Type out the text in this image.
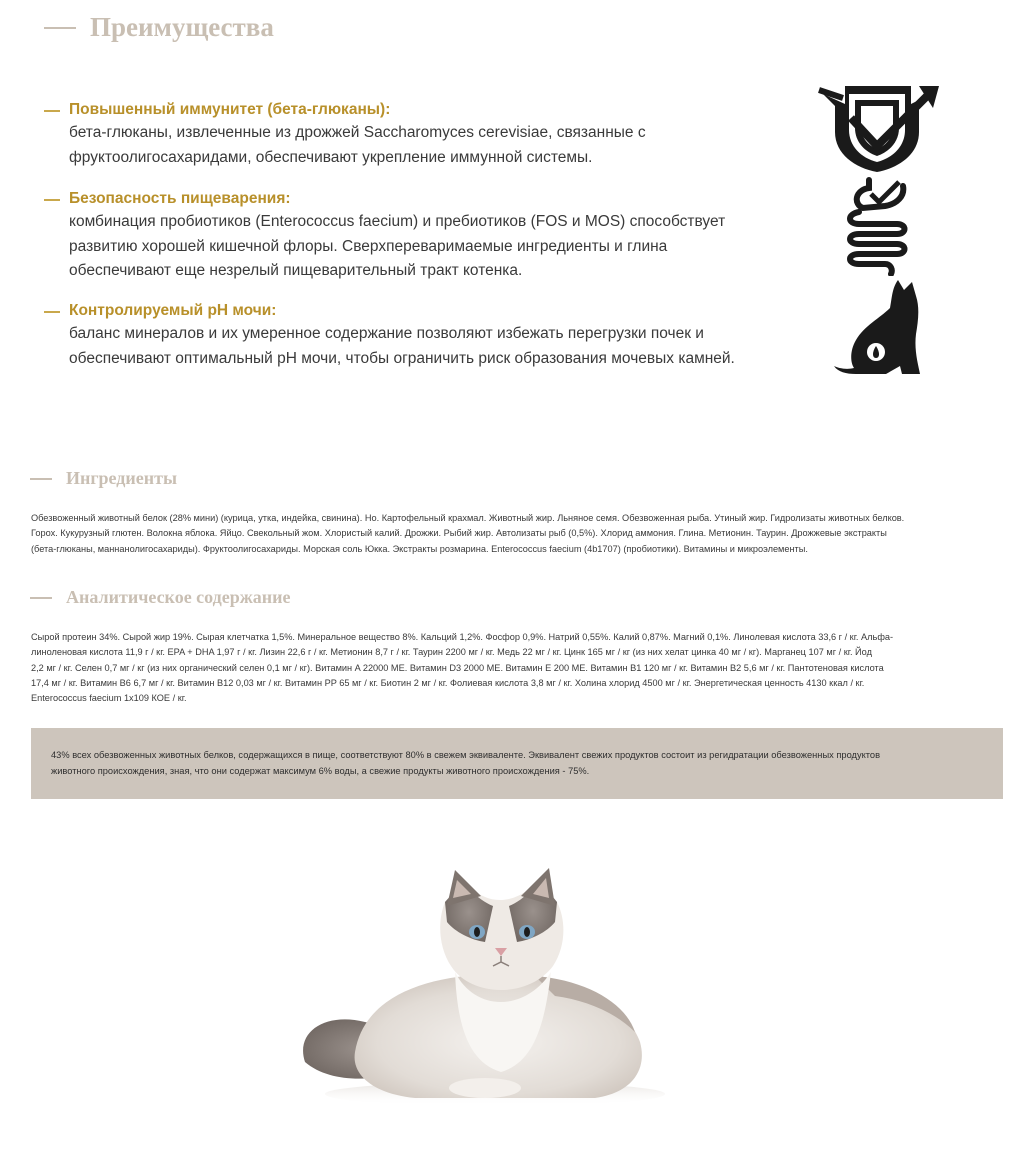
Преимущества
Повышенный иммунитет (бета-глюканы):
бета-глюканы, извлеченные из дрожжей Saccharomyces cerevisiae, связанные с
фруктоолигосахаридами, обеспечивают укрепление иммунной системы.
Безопасность пищеварения:
комбинация пробиотиков (Enterococcus faecium) и пребиотиков (FOS и MOS) способствует
развитию хорошей кишечной флоры. Сверхпереваримаемые ингредиенты и глина
обеспечивают еще незрелый пищеварительный тракт котенка.
Контролируемый pH мочи:
баланс минералов и их умеренное содержание позволяют избежать перегрузки почек и
обеспечивают оптимальный pH мочи, чтобы ограничить риск образования мочевых камней.
Ингредиенты
Обезвоженный животный белок (28% мини) (курица, утка, индейка, свинина). Но. Картофельный крахмал. Животный жир. Льняное семя. Обезвоженная рыба. Утиный жир. Гидролизаты животных белков.
Горох. Кукурузный глютен. Волокна яблока. Яйцо. Свекольный жом. Хлористый калий. Дрожжи. Рыбий жир. Автолизаты рыб (0,5%). Хлорид аммония. Глина. Метионин. Таурин. Дрожжевые экстракты
(бета-глюканы, маннанолигосахариды). Фруктоолигосахариды. Морская соль Юкка. Экстракты розмарина. Enterococcus faecium (4b1707) (пробиотики). Витамины и микроэлементы.
Аналитическое содержание
Сырой протеин 34%. Сырой жир 19%. Сырая клетчатка 1,5%. Минеральное вещество 8%. Кальций 1,2%. Фосфор 0,9%. Натрий 0,55%. Калий 0,87%. Магний 0,1%. Линолевая кислота 33,6 г / кг. Альфа-
линоленовая кислота 11,9 г / кг. EPA + DHA 1,97 г / кг. Лизин 22,6 г / кг. Метионин 8,7 г / кг. Таурин 2200 мг / кг. Медь 22 мг / кг. Цинк 165 мг / кг (из них хелат цинка 40 мг / кг). Марганец 107 мг / кг. Йод
2,2 мг / кг. Селен 0,7 мг / кг (из них органический селен 0,1 мг / кг). Витамин A 22000 МЕ. Витамин D3 2000 МЕ. Витамин Е 200 МЕ. Витамин B1 120 мг / кг. Витамин B2 5,6 мг / кг. Пантотеновая кислота
17,4 мг / кг. Витамин B6 6,7 мг / кг. Витамин B12 0,03 мг / кг. Витамин PP 65 мг / кг. Биотин 2 мг / кг. Фолиевая кислота 3,8 мг / кг. Холина хлорид 4500 мг / кг. Энергетическая ценность 4130 ккал / кг.
Enterococcus faecium 1x109 КОЕ / кг.

43% всех обезвоженных животных белков, содержащихся в пище, соответствуют 80% в свежем эквиваленте. Эквивалент свежих продуктов состоит из регидратации обезвоженных продуктов
животного происхождения, зная, что они содержат максимум 6% воды, а свежие продукты животного происхождения - 75%.
